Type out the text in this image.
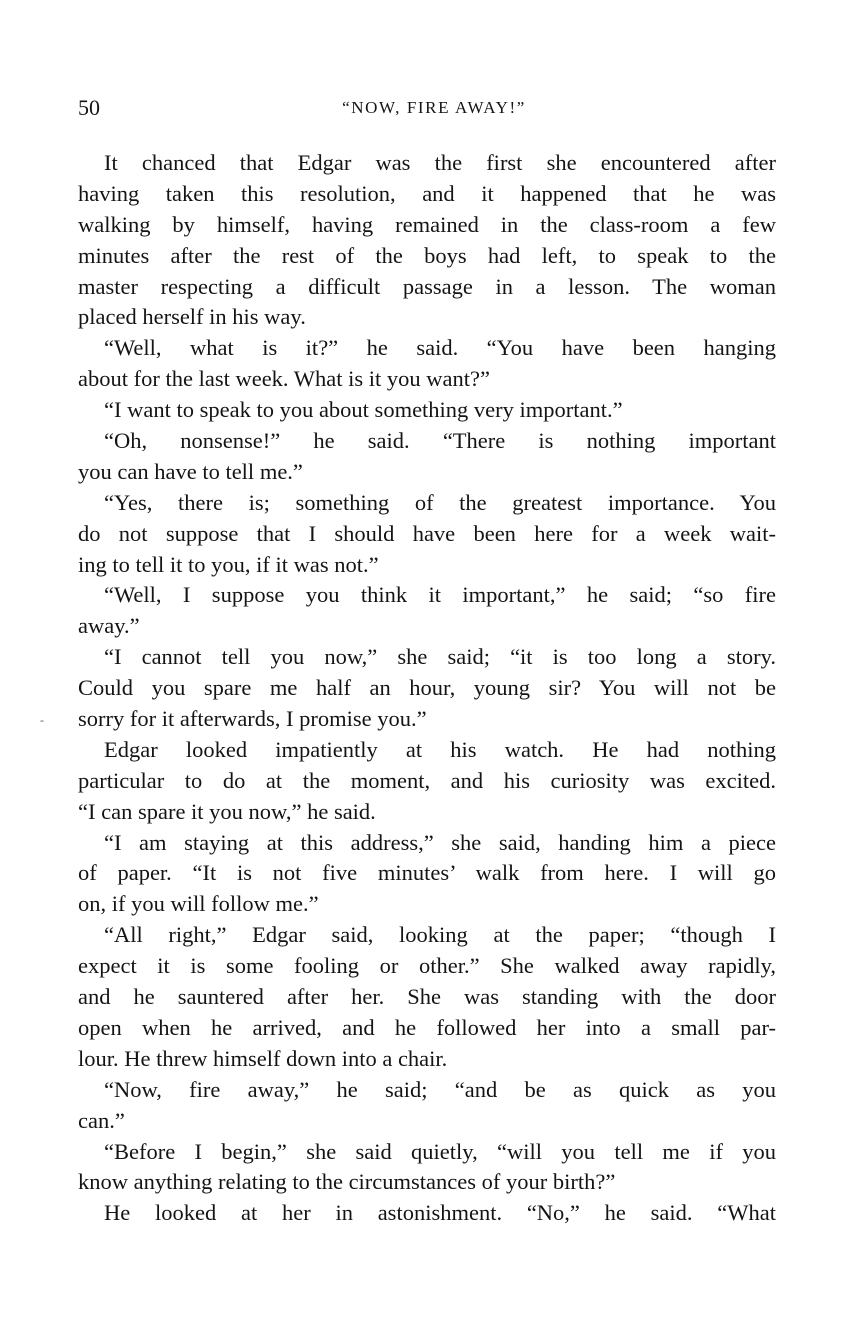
50	“NOW, FIRE AWAY!”
-
It chanced that Edgar was the first she encountered after
having taken this resolution, and it happened that he was
walking by himself, having remained in the class-room a few
minutes after the rest of the boys had left, to speak to the
master respecting a difficult passage in a lesson. The woman
placed herself in his way.
“Well, what is it?” he said. “You have been hanging
about for the last week. What is it you want?”
“I want to speak to you about something very important.”
“Oh, nonsense!” he said. “There is nothing important
you can have to tell me.”
“Yes, there is; something of the greatest importance. You
do not suppose that I should have been here for a week wait-
ing to tell it to you, if it was not.”
“Well, I suppose you think it important,” he said; “so fire
away.”
“I cannot tell you now,” she said; “it is too long a story.
Could you spare me half an hour, young sir? You will not be
sorry for it afterwards, I promise you.”
Edgar looked impatiently at his watch. He had nothing
particular to do at the moment, and his curiosity was excited.
“I can spare it you now,” he said.
“I am staying at this address,” she said, handing him a piece
of paper. “It is not five minutes’ walk from here. I will go
on, if you will follow me.”
“All right,” Edgar said, looking at the paper; “though I
expect it is some fooling or other.” She walked away rapidly,
and he sauntered after her. She was standing with the door
open when he arrived, and he followed her into a small par-
lour. He threw himself down into a chair.
“Now, fire away,” he said; “and be as quick as you
can.”
“Before I begin,” she said quietly, “will you tell me if you
know anything relating to the circumstances of your birth?”
He looked at her in astonishment. “No,” he said. “What
